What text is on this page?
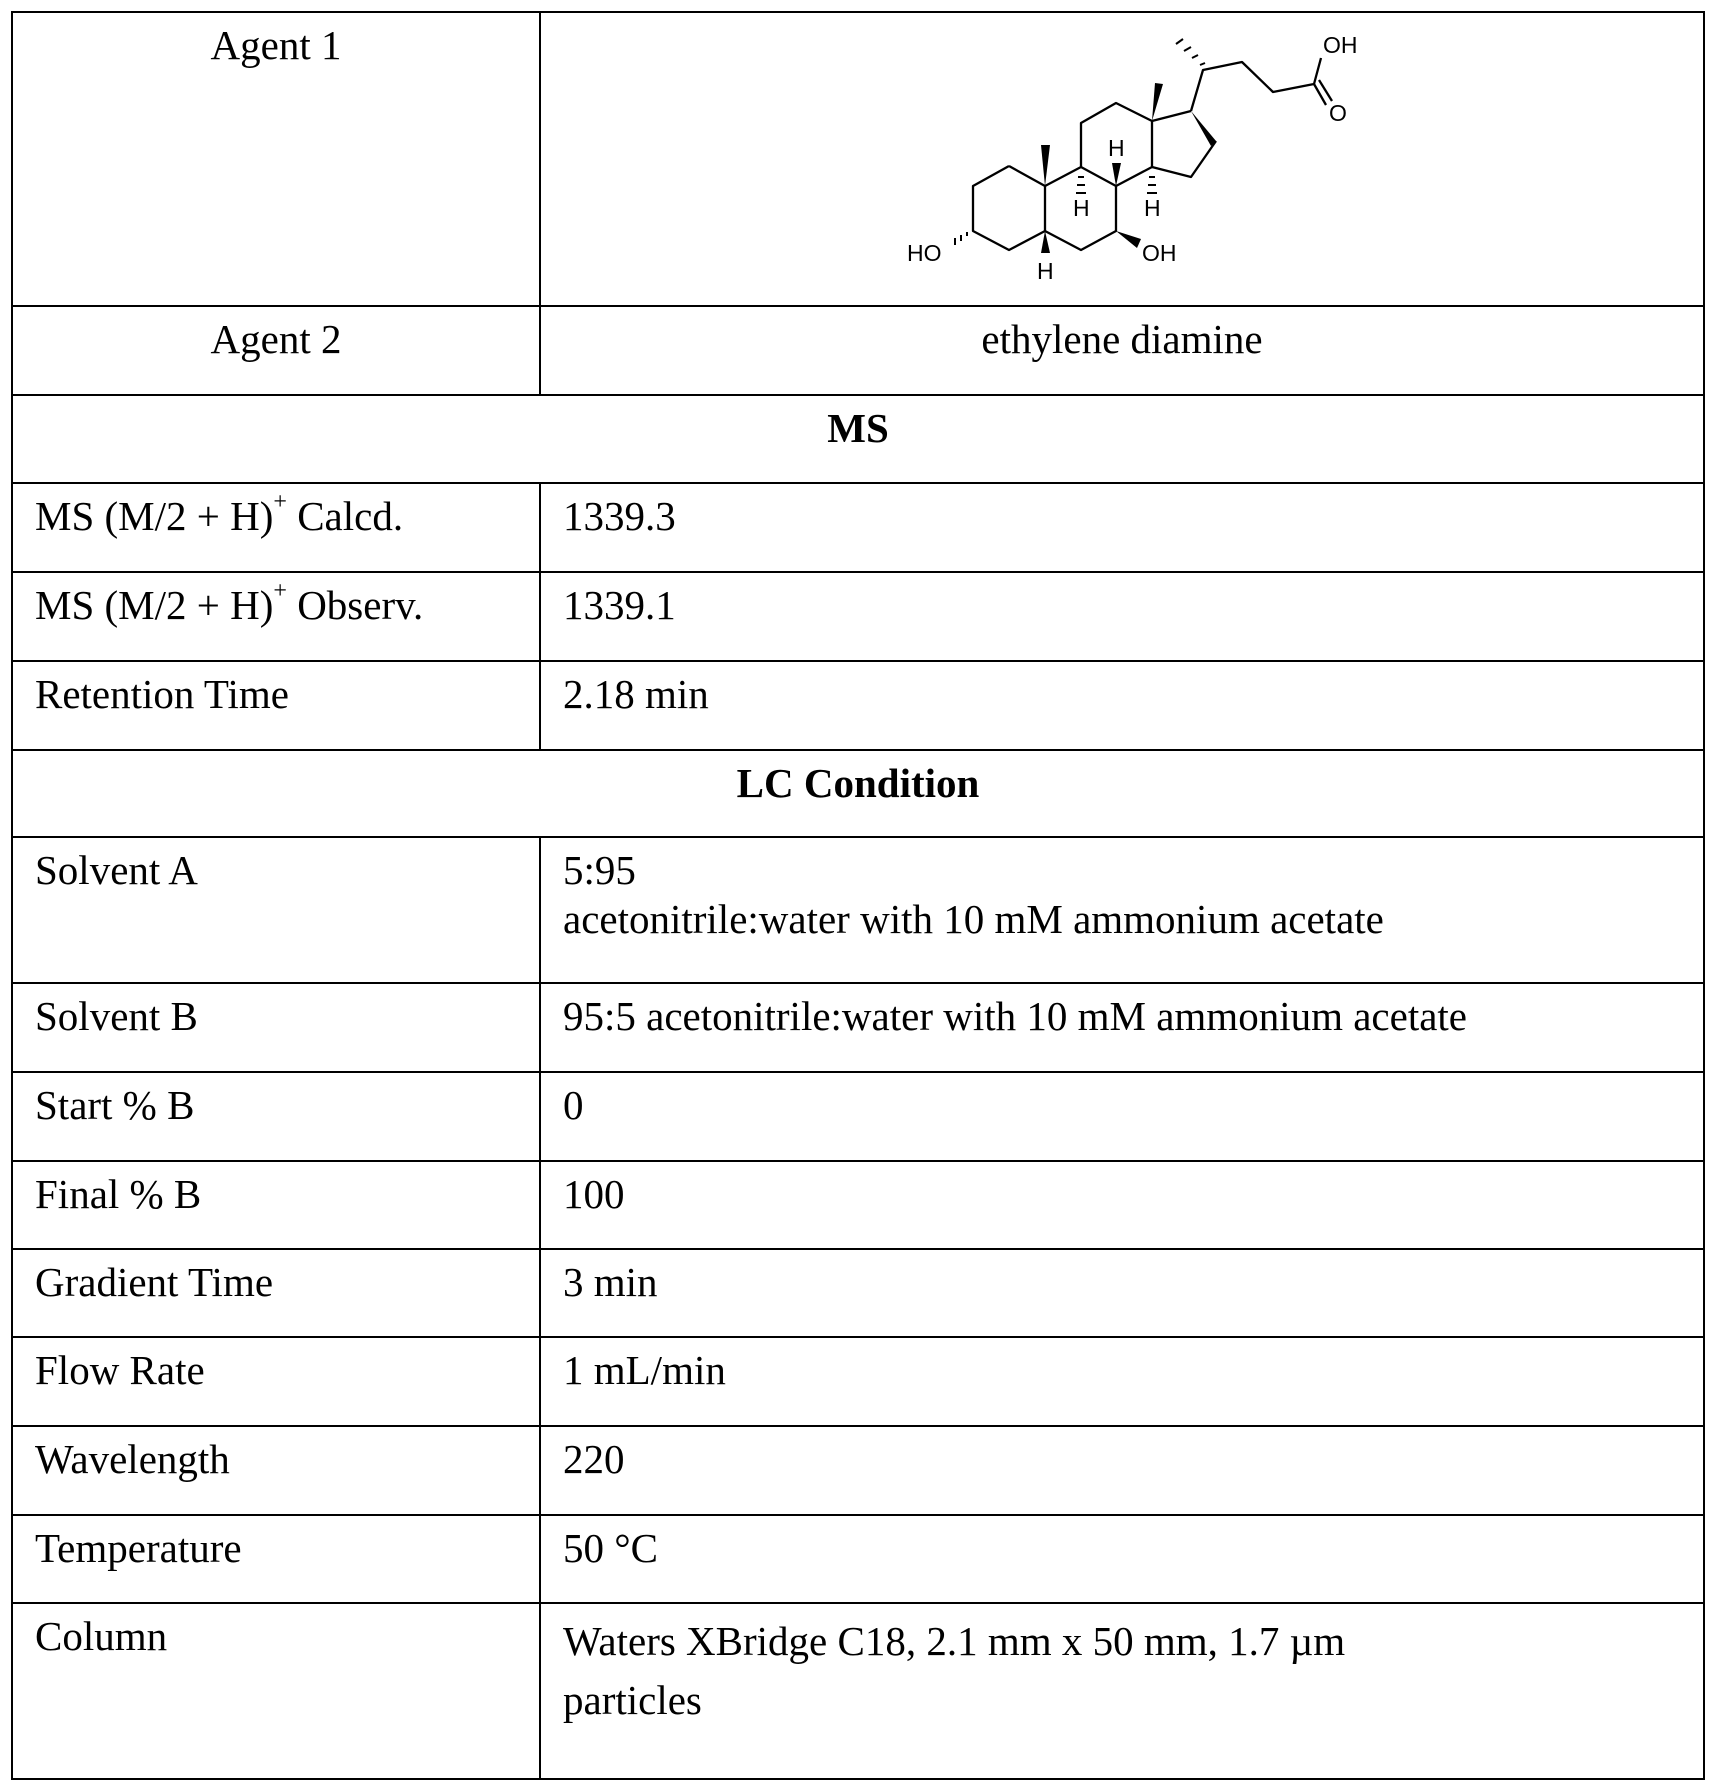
Agent 1	OH
O
HO	OH
H
H H
H

Agent 2	ethylene diamine
MS
MS (M/2 + H)+ Calcd.	1339.3
MS (M/2 + H)+ Observ.	1339.1
Retention Time	2.18 min
LC Condition
Solvent A	5:95
acetonitrile:water with 10 mM ammonium acetate

Solvent B	95:5 acetonitrile:water with 10 mM ammonium acetate
Start % B	0
Final % B	100
Gradient Time	3 min
Flow Rate	1 mL/min
Wavelength	220
Temperature	50 °C
Column	Waters XBridge C18, 2.1 mm x 50 mm, 1.7 µm
particles
